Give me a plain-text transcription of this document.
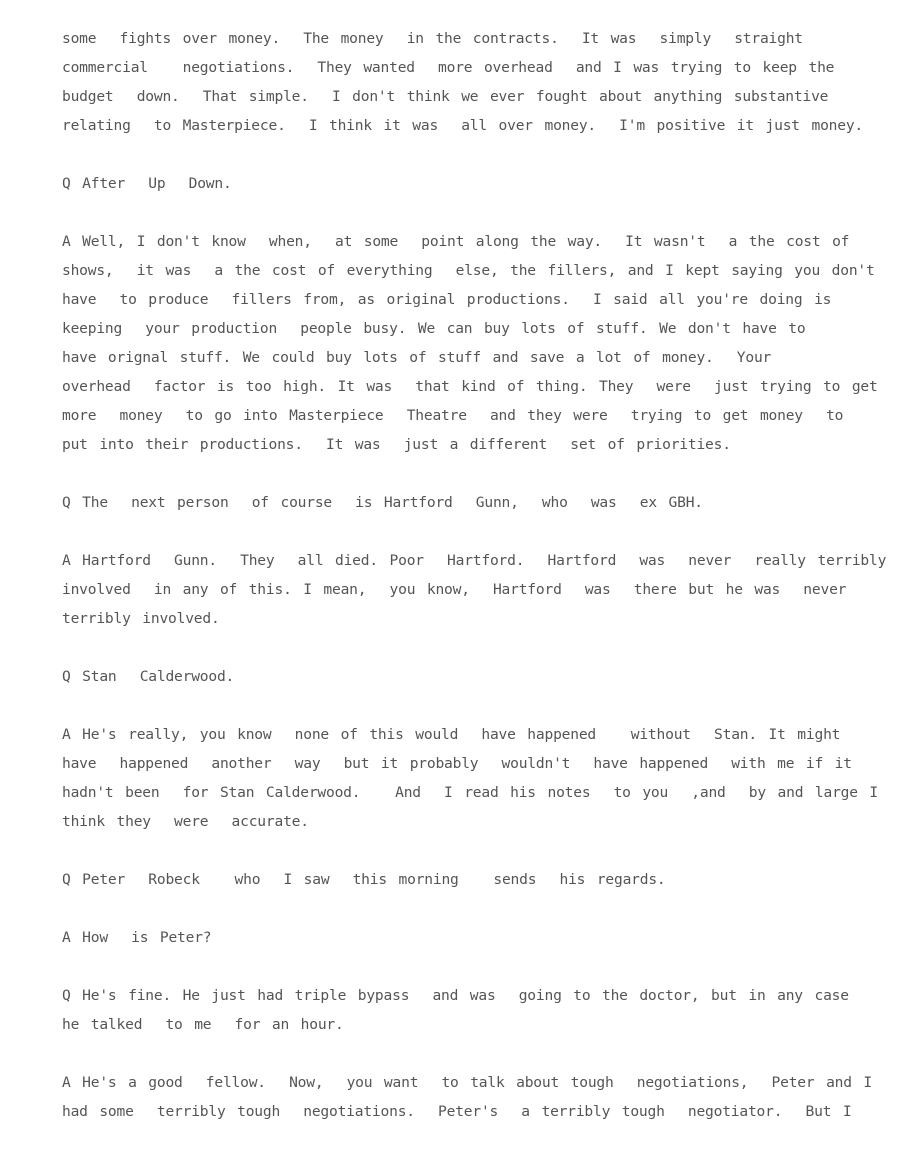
some  fights over money.  The money  in the contracts.  It was  simply  straight
commercial   negotiations.  They wanted  more overhead  and I was trying to keep the
budget  down.  That simple.  I don't think we ever fought about anything substantive
relating  to Masterpiece.  I think it was  all over money.  I'm positive it just money.
Q After  Up  Down.
A Well, I don't know  when,  at some  point along the way.  It wasn't  a the cost of
shows,  it was  a the cost of everything  else, the fillers, and I kept saying you don't
have  to produce  fillers from, as original productions.  I said all you're doing is
keeping  your production  people busy. We can buy lots of stuff. We don't have to
have orignal stuff. We could buy lots of stuff and save a lot of money.  Your
overhead  factor is too high. It was  that kind of thing. They  were  just trying to get
more  money  to go into Masterpiece  Theatre  and they were  trying to get money  to
put into their productions.  It was  just a different  set of priorities.
Q The  next person  of course  is Hartford  Gunn,  who  was  ex GBH.
A Hartford  Gunn.  They  all died. Poor  Hartford.  Hartford  was  never  really terribly
involved  in any of this. I mean,  you know,  Hartford  was  there but he was  never
terribly involved.
Q Stan  Calderwood.
A He's really, you know  none of this would  have happened   without  Stan. It might
have  happened  another  way  but it probably  wouldn't  have happened  with me if it
hadn't been  for Stan Calderwood.   And  I read his notes  to you  ,and  by and large I
think they  were  accurate.
Q Peter  Robeck   who  I saw  this morning   sends  his regards.
A How  is Peter?
Q He's fine. He just had triple bypass  and was  going to the doctor, but in any case
he talked  to me  for an hour.
A He's a good  fellow.  Now,  you want  to talk about tough  negotiations,  Peter and I
had some  terribly tough  negotiations.  Peter's  a terribly tough  negotiator.  But I
